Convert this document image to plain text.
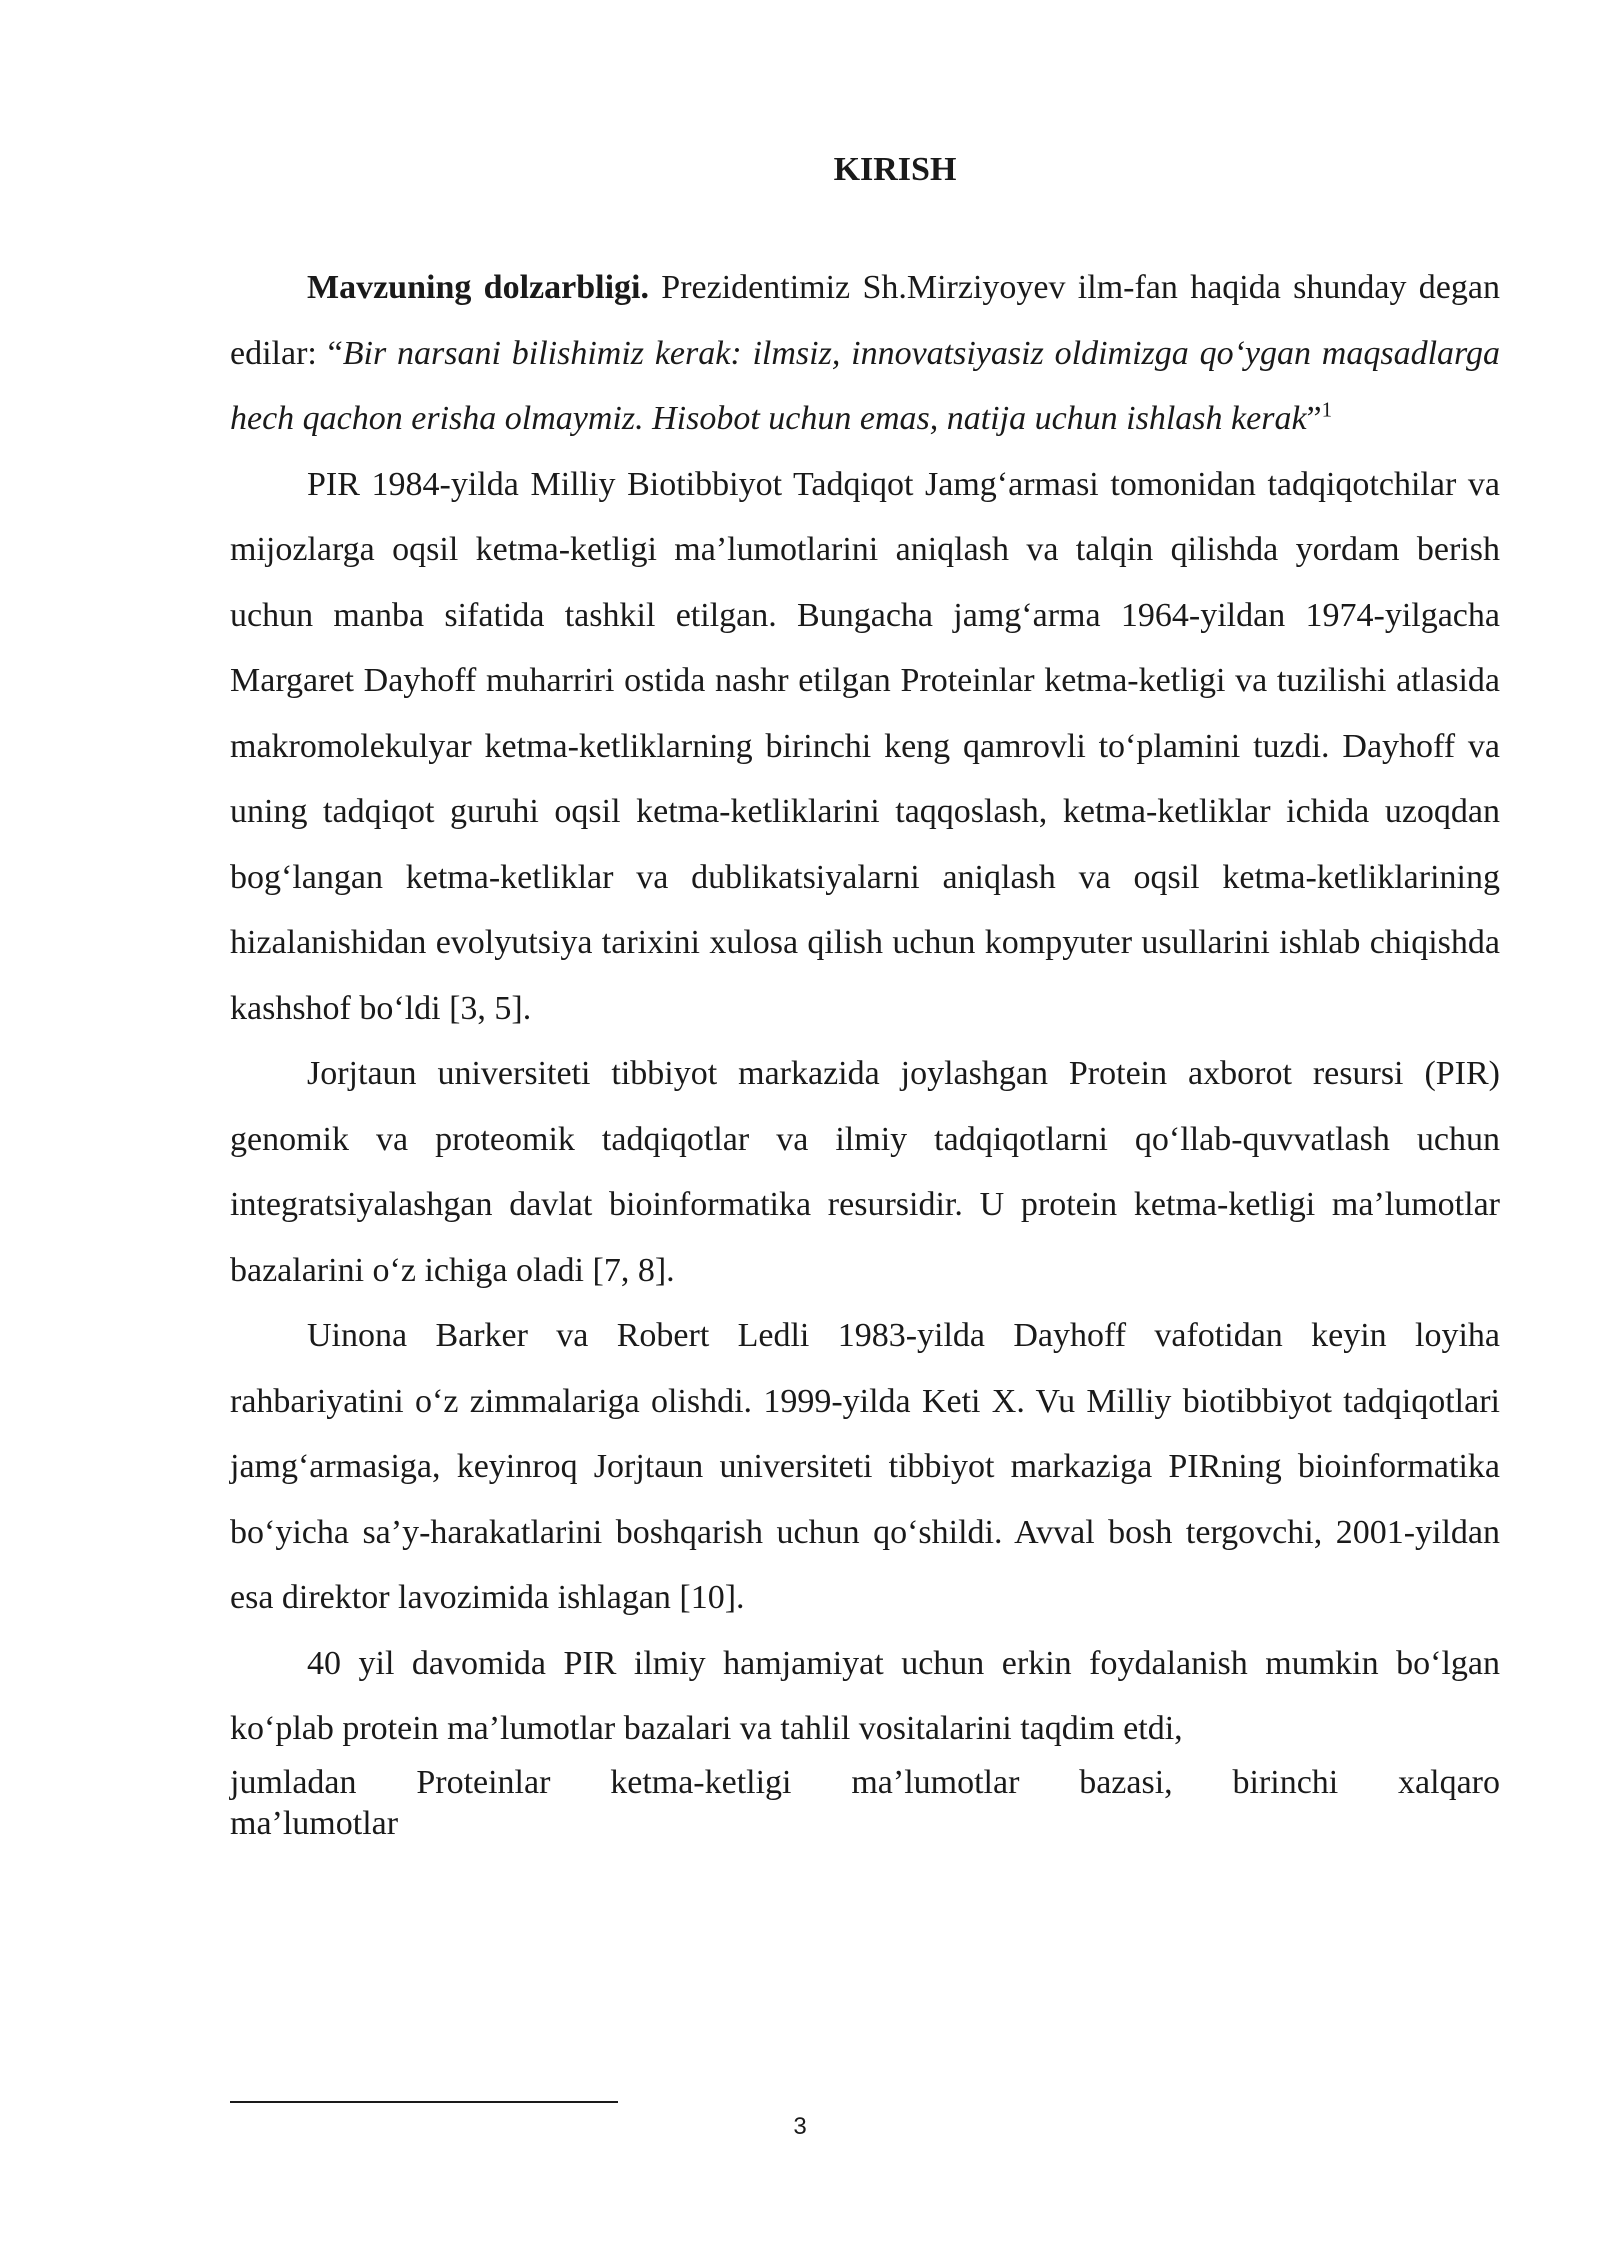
KIRISH

Mavzuning dolzarbligi. Prezidentimiz Sh.Mirziyoyev ilm-fan haqida shunday degan edilar: “Bir narsani bilishimiz kerak: ilmsiz, innovatsiyasiz oldimizga qo‘ygan maqsadlarga hech qachon erisha olmaymiz. Hisobot uchun emas, natija uchun ishlash kerak”$^1$

PIR 1984-yilda Milliy Biotibbiyot Tadqiqot Jamg‘armasi tomonidan tadqiqotchilar va mijozlarga oqsil ketma-ketligi ma’lumotlarini aniqlash va talqin qilishda yordam berish uchun manba sifatida tashkil etilgan. Bungacha jamg‘arma 1964-yildan 1974-yilgacha Margaret Dayhoff muharriri ostida nashr etilgan Proteinlar ketma-ketligi va tuzilishi atlasida makromolekulyar ketma-ketliklarning birinchi keng qamrovli to‘plamini tuzdi. Dayhoff va uning tadqiqot guruhi oqsil ketma-ketliklarini taqqoslash, ketma-ketliklar ichida uzoqdan bog‘langan ketma-ketliklar va dublikatsiyalarni aniqlash va oqsil ketma-ketliklarining hizalanishidan evolyutsiya tarixini xulosa qilish uchun kompyuter usullarini ishlab chiqishda kashshof bo‘ldi [3, 5].

Jorjtaun universiteti tibbiyot markazida joylashgan Protein axborot resursi (PIR) genomik va proteomik tadqiqotlar va ilmiy tadqiqotlarni qo‘llab-quvvatlash uchun integratsiyalashgan davlat bioinformatika resursidir. U protein ketma-ketligi ma’lumotlar bazalarini o‘z ichiga oladi [7, 8].

Uinona Barker va Robert Ledli 1983-yilda Dayhoff vafotidan keyin loyiha rahbariyatini o‘z zimmalariga olishdi. 1999-yilda Keti X. Vu Milliy biotibbiyot tadqiqotlari jamg‘armasiga, keyinroq Jorjtaun universiteti tibbiyot markaziga PIRning bioinformatika bo‘yicha sa’y-harakatlarini boshqarish uchun qo‘shildi. Avval bosh tergovchi, 2001-yildan esa direktor lavozimida ishlagan [10].

40 yil davomida PIR ilmiy hamjamiyat uchun erkin foydalanish mumkin bo‘lgan ko‘plab protein ma’lumotlar bazalari va tahlil vositalarini taqdim etdi,

jumladan Proteinlar ketma-ketligi ma’lumotlar bazasi, birinchi xalqaro
ma’lumotlar

3
